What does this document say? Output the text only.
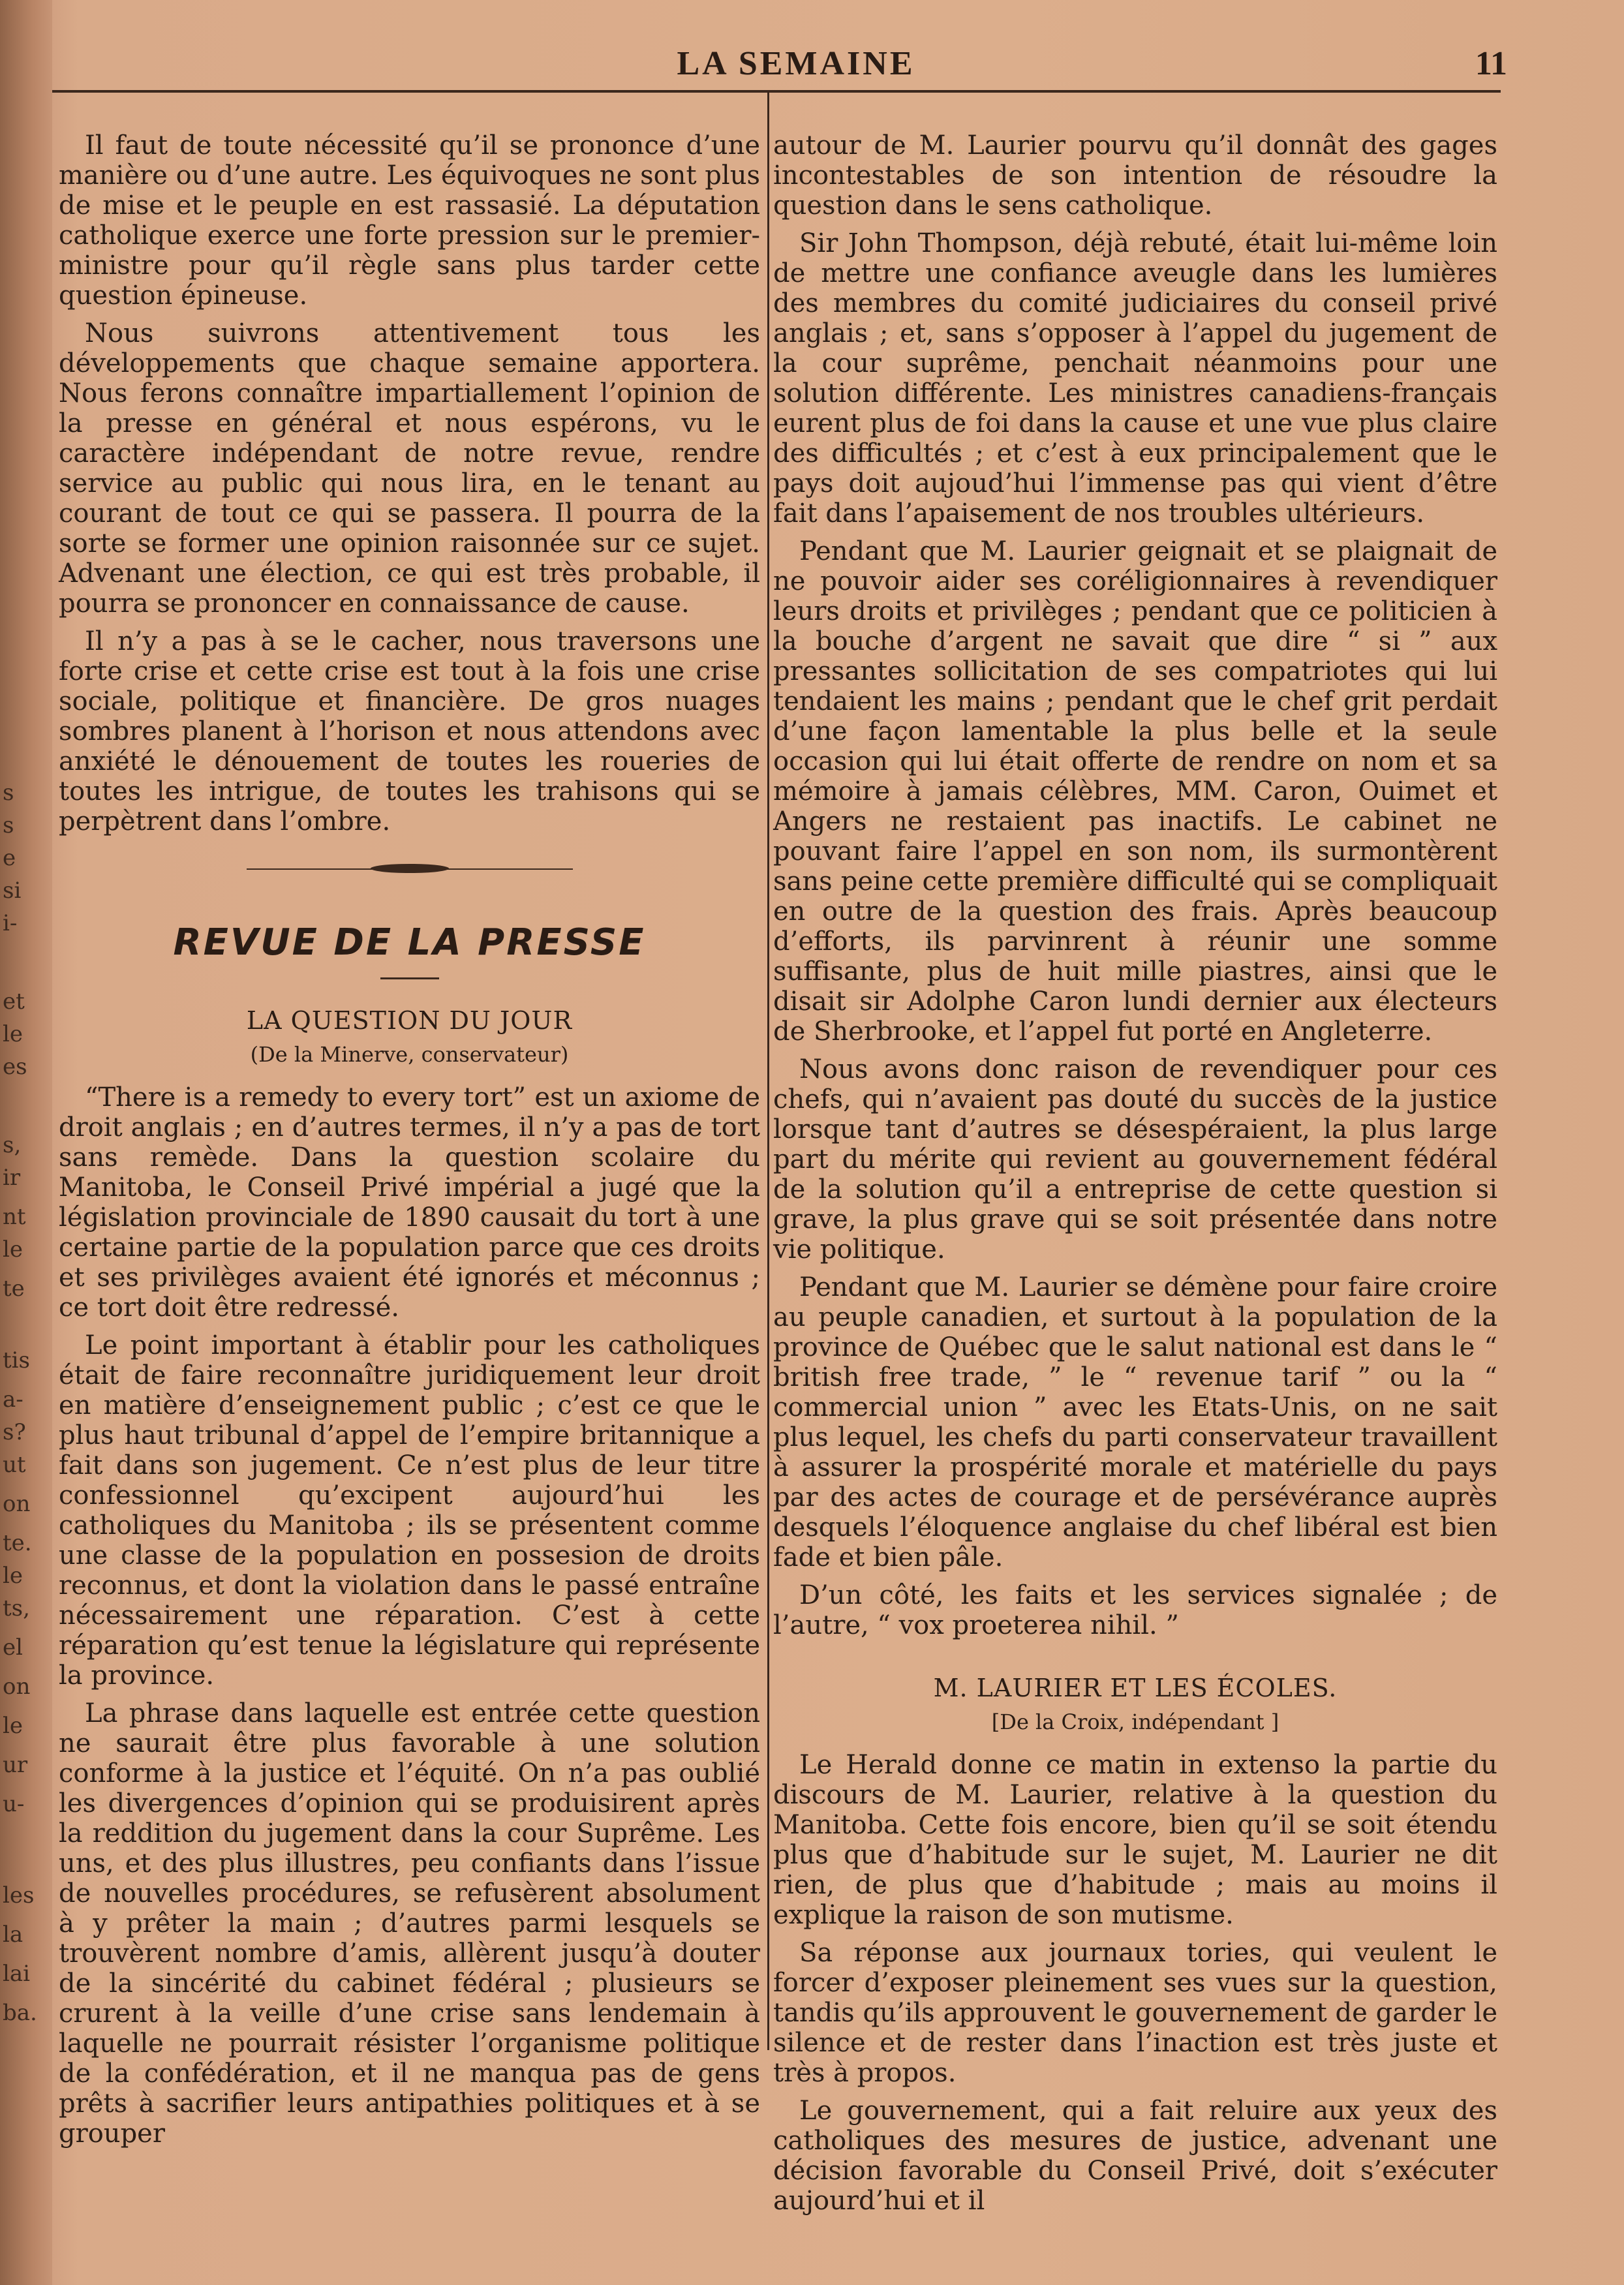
s
s
e
si
i-
et
le
es
s,
ir
nt
le
te
tis
a-
s?
ut
on
te.
le
ts,
el
on
le
ur
u-
les
la
lai
ba.
LA SEMAINE	11

Il faut de toute nécessité qu’il se prononce d’une manière ou d’une autre. Les équivoques ne sont plus de mise et le peuple en est rassasié. La députation catholique exerce une forte pression sur le premier-ministre pour qu’il règle sans plus tarder cette question épineuse.

Nous suivrons attentivement tous les développements que chaque semaine apportera. Nous ferons connaître impartiallement l’opinion de la presse en général et nous espérons, vu le caractère indépendant de notre revue, rendre service au public qui nous lira, en le tenant au courant de tout ce qui se passera. Il pourra de la sorte se former une opinion raisonnée sur ce sujet. Advenant une élection, ce qui est très probable, il pourra se prononcer en connaissance de cause.

Il n’y a pas à se le cacher, nous traversons une forte crise et cette crise est tout à la fois une crise sociale, politique et financière. De gros nuages sombres planent à l’horison et nous attendons avec anxiété le dénouement de toutes les roueries de toutes les intrigue, de toutes les trahisons qui se perpètrent dans l’ombre.

REVUE DE LA PRESSE
LA QUESTION DU JOUR
(De la Minerve, conservateur)

“There is a remedy to every tort” est un axiome de droit anglais ; en d’autres termes, il n’y a pas de tort sans remède. Dans la question scolaire du Manitoba, le Conseil Privé impérial a jugé que la législation provinciale de 1890 causait du tort à une certaine partie de la population parce que ces droits et ses privilèges avaient été ignorés et méconnus ; ce tort doit être redressé.

Le point important à établir pour les catholiques était de faire reconnaître juridiquement leur droit en matière d’enseignement public ; c’est ce que le plus haut tribunal d’appel de l’empire britannique a fait dans son jugement. Ce n’est plus de leur titre confessionnel qu’excipent aujourd’hui les catholiques du Manitoba ; ils se présentent comme une classe de la population en possesion de droits reconnus, et dont la violation dans le passé entraîne nécessairement une réparation. C’est à cette réparation qu’est tenue la législature qui représente la province.

La phrase dans laquelle est entrée cette question ne saurait être plus favorable à une solution conforme à la justice et l’équité. On n’a pas oublié les divergences d’opinion qui se produisirent après la reddition du jugement dans la cour Suprême. Les uns, et des plus illustres, peu confiants dans l’issue de nouvelles procédures, se refusèrent absolument à y prêter la main ; d’autres parmi lesquels se trouvèrent nombre d’amis, allèrent jusqu’à douter de la sincérité du cabinet fédéral ; plusieurs se crurent à la veille d’une crise sans lendemain à laquelle ne pourrait résister l’organisme politique de la confédération, et il ne manqua pas de gens prêts à sacrifier leurs antipathies politiques et à se grouper

autour de M. Laurier pourvu qu’il donnât des gages incontestables de son intention de résoudre la question dans le sens catholique.

Sir John Thompson, déjà rebuté, était lui-même loin de mettre une confiance aveugle dans les lumières des membres du comité judiciaires du conseil privé anglais ; et, sans s’opposer à l’appel du jugement de la cour suprême, penchait néanmoins pour une solution différente. Les ministres canadiens-français eurent plus de foi dans la cause et une vue plus claire des difficultés ; et c’est à eux principalement que le pays doit aujoud’hui l’immense pas qui vient d’être fait dans l’apaisement de nos troubles ultérieurs.

Pendant que M. Laurier geignait et se plaignait de ne pouvoir aider ses coréligionnaires à revendiquer leurs droits et privilèges ; pendant que ce politicien à la bouche d’argent ne savait que dire “ si ” aux pressantes sollicitation de ses compatriotes qui lui tendaient les mains ; pendant que le chef grit perdait d’une façon lamentable la plus belle et la seule occasion qui lui était offerte de rendre on nom et sa mémoire à jamais célèbres, MM. Caron, Ouimet et Angers ne restaient pas inactifs. Le cabinet ne pouvant faire l’appel en son nom, ils surmontèrent sans peine cette première difficulté qui se compliquait en outre de la question des frais. Après beaucoup d’efforts, ils parvinrent à réunir une somme suffisante, plus de huit mille piastres, ainsi que le disait sir Adolphe Caron lundi dernier aux électeurs de Sherbrooke, et l’appel fut porté en Angleterre.

Nous avons donc raison de revendiquer pour ces chefs, qui n’avaient pas douté du succès de la justice lorsque tant d’autres se désespéraient, la plus large part du mérite qui revient au gouvernement fédéral de la solution qu’il a entreprise de cette question si grave, la plus grave qui se soit présentée dans notre vie politique.

Pendant que M. Laurier se démène pour faire croire au peuple canadien, et surtout à la population de la province de Québec que le salut national est dans le “ british free trade, ” le “ revenue tarif ” ou la “ commercial union ” avec les Etats-Unis, on ne sait plus lequel, les chefs du parti conservateur travaillent à assurer la prospérité morale et matérielle du pays par des actes de courage et de persévérance auprès desquels l’éloquence anglaise du chef libéral est bien fade et bien pâle.

D’un côté, les faits et les services signalée ; de l’autre, “ vox proeterea nihil. ”

M. LAURIER ET LES ÉCOLES.
[De la Croix, indépendant ]

Le Herald donne ce matin in extenso la partie du discours de M. Laurier, relative à la question du Manitoba. Cette fois encore, bien qu’il se soit étendu plus que d’habitude sur le sujet, M. Laurier ne dit rien, de plus que d’habitude ; mais au moins il explique la raison de son mutisme.

Sa réponse aux journaux tories, qui veulent le forcer d’exposer pleinement ses vues sur la question, tandis qu’ils approuvent le gouvernement de garder le silence et de rester dans l’inaction est très juste et très à propos.

Le gouvernement, qui a fait reluire aux yeux des catholiques des mesures de justice, advenant une décision favorable du Conseil Privé, doit s’exécuter aujourd’hui et il
